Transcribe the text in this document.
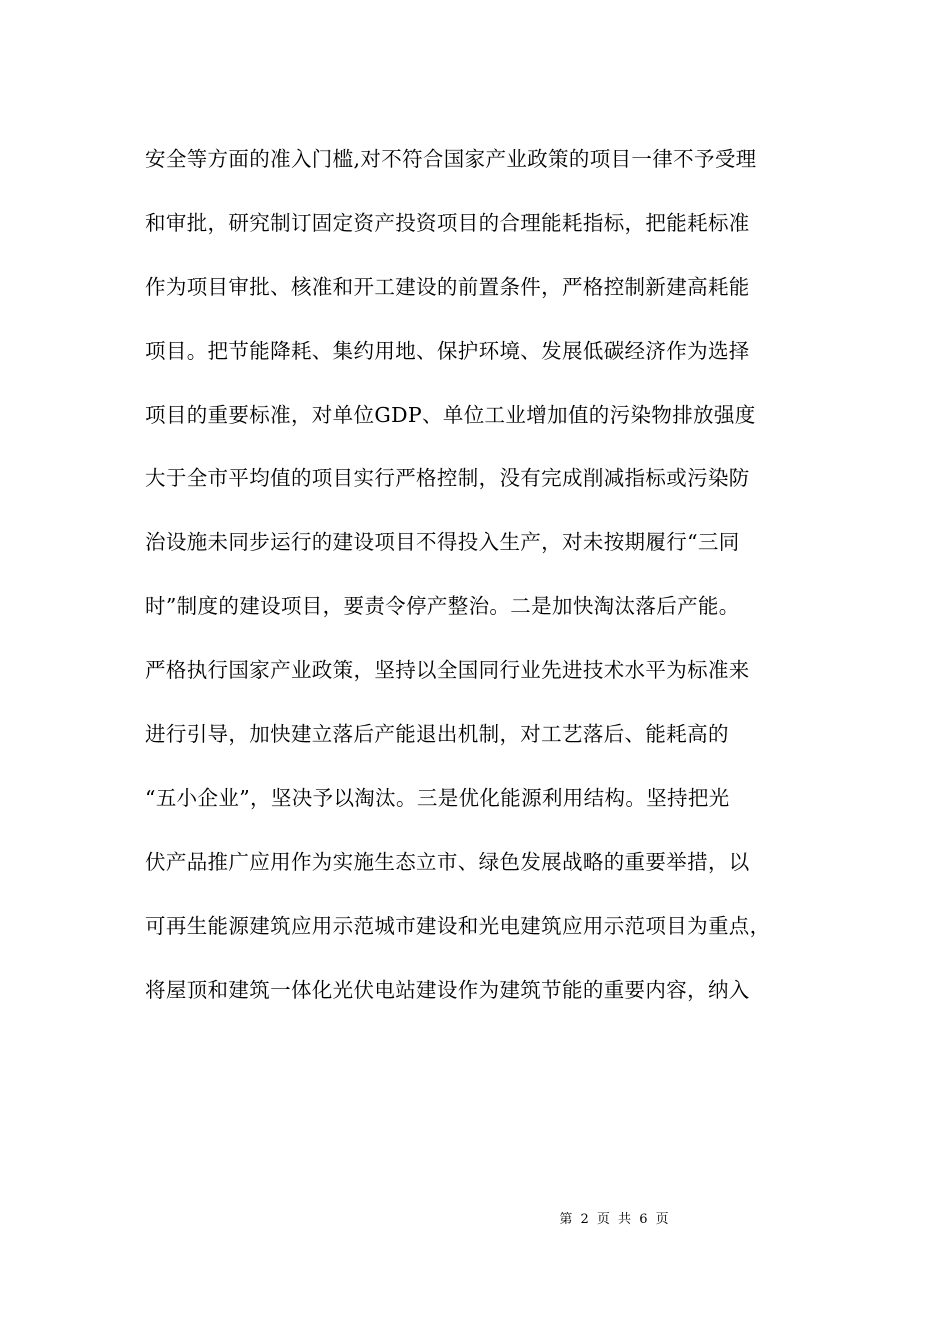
安全等方面的准入门槛,对不符合国家产业政策的项目一律不予受理
和审批，研究制订固定资产投资项目的合理能耗指标，把能耗标准
作为项目审批、核准和开工建设的前置条件，严格控制新建高耗能
项目。把节能降耗、集约用地、保护环境、发展低碳经济作为选择
项目的重要标准，对单位GDP、单位工业增加值的污染物排放强度
大于全市平均值的项目实行严格控制，没有完成削减指标或污染防
治设施未同步运行的建设项目不得投入生产，对未按期履行“三同
时”制度的建设项目，要责令停产整治。二是加快淘汰落后产能。
严格执行国家产业政策，坚持以全国同行业先进技术水平为标准来
进行引导，加快建立落后产能退出机制，对工艺落后、能耗高的
“五小企业”，坚决予以淘汰。三是优化能源利用结构。坚持把光
伏产品推广应用作为实施生态立市、绿色发展战略的重要举措，以
可再生能源建筑应用示范城市建设和光电建筑应用示范项目为重点，
将屋顶和建筑一体化光伏电站建设作为建筑节能的重要内容，纳入
第 2 页 共 6 页
